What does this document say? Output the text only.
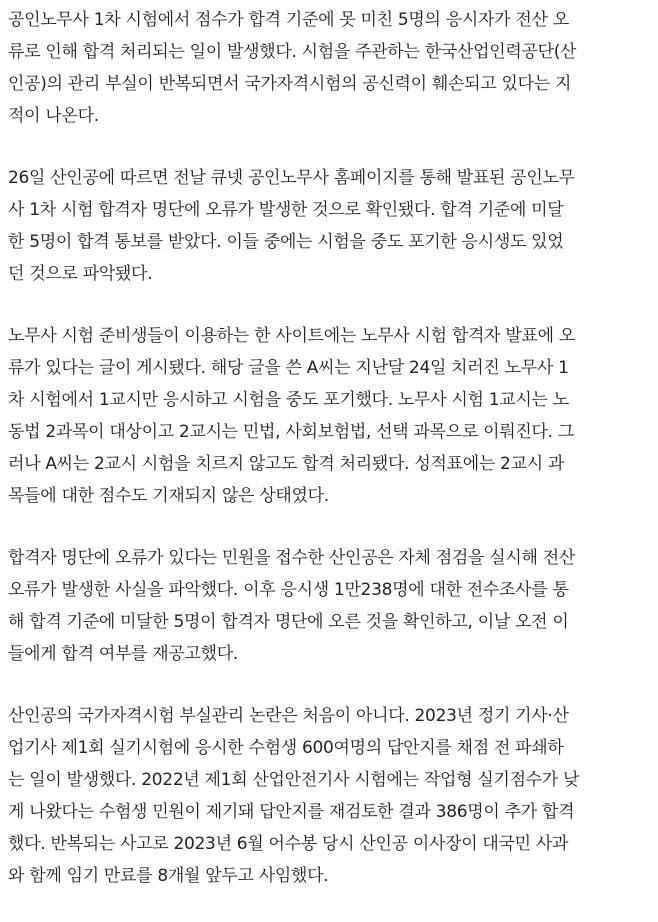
공인노무사 1차 시험에서 점수가 합격 기준에 못 미친 5명의 응시자가 전산 오
류로 인해 합격 처리되는 일이 발생했다. 시험을 주관하는 한국산업인력공단(산
인공)의 관리 부실이 반복되면서 국가자격시험의 공신력이 훼손되고 있다는 지
적이 나온다.

26일 산인공에 따르면 전날 큐넷 공인노무사 홈페이지를 통해 발표된 공인노무
사 1차 시험 합격자 명단에 오류가 발생한 것으로 확인됐다. 합격 기준에 미달
한 5명이 합격 통보를 받았다. 이들 중에는 시험을 중도 포기한 응시생도 있었
던 것으로 파악됐다.

노무사 시험 준비생들이 이용하는 한 사이트에는 노무사 시험 합격자 발표에 오
류가 있다는 글이 게시됐다. 해당 글을 쓴 A씨는 지난달 24일 치러진 노무사 1
차 시험에서 1교시만 응시하고 시험을 중도 포기했다. 노무사 시험 1교시는 노
동법 2과목이 대상이고 2교시는 민법, 사회보험법, 선택 과목으로 이뤄진다. 그
러나 A씨는 2교시 시험을 치르지 않고도 합격 처리됐다. 성적표에는 2교시 과
목들에 대한 점수도 기재되지 않은 상태였다.

합격자 명단에 오류가 있다는 민원을 접수한 산인공은 자체 점검을 실시해 전산
오류가 발생한 사실을 파악했다. 이후 응시생 1만238명에 대한 전수조사를 통
해 합격 기준에 미달한 5명이 합격자 명단에 오른 것을 확인하고, 이날 오전 이
들에게 합격 여부를 재공고했다.

산인공의 국가자격시험 부실관리 논란은 처음이 아니다. 2023년 정기 기사·산
업기사 제1회 실기시험에 응시한 수험생 600여명의 답안지를 채점 전 파쇄하
는 일이 발생했다. 2022년 제1회 산업안전기사 시험에는 작업형 실기점수가 낮
게 나왔다는 수험생 민원이 제기돼 답안지를 재검토한 결과 386명이 추가 합격
했다. 반복되는 사고로 2023년 6월 어수봉 당시 산인공 이사장이 대국민 사과
와 함께 임기 만료를 8개월 앞두고 사임했다.
